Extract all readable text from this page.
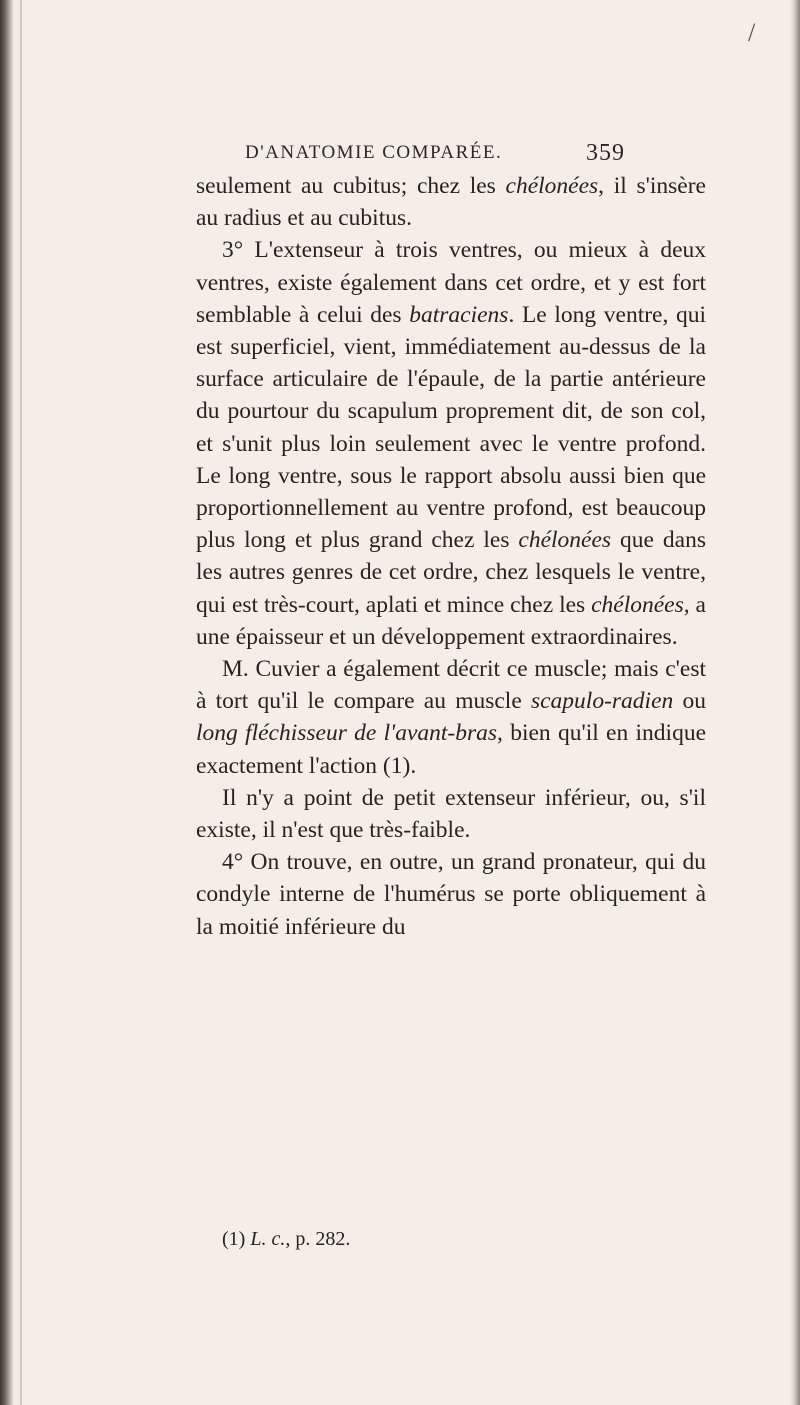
/
D'ANATOMIE COMPARÉE.	359

seulement au cubitus; chez les chélonées, il s'insère au radius et au cubitus.

3° L'extenseur à trois ventres, ou mieux à deux ventres, existe également dans cet ordre, et y est fort semblable à celui des batraciens. Le long ventre, qui est superficiel, vient, immédiatement au-dessus de la surface articulaire de l'épaule, de la partie antérieure du pourtour du scapulum proprement dit, de son col, et s'unit plus loin seulement avec le ventre profond. Le long ventre, sous le rapport absolu aussi bien que proportionnellement au ventre profond, est beaucoup plus long et plus grand chez les chélonées que dans les autres genres de cet ordre, chez lesquels le ventre, qui est très-court, aplati et mince chez les chélonées, a une épaisseur et un développement extraordinaires.

M. Cuvier a également décrit ce muscle; mais c'est à tort qu'il le compare au muscle scapulo-radien ou long fléchisseur de l'avant-bras, bien qu'il en indique exactement l'action (1).

Il n'y a point de petit extenseur inférieur, ou, s'il existe, il n'est que très-faible.

4° On trouve, en outre, un grand pronateur, qui du condyle interne de l'humérus se porte obliquement à la moitié inférieure du

(1) L. c., p. 282.
